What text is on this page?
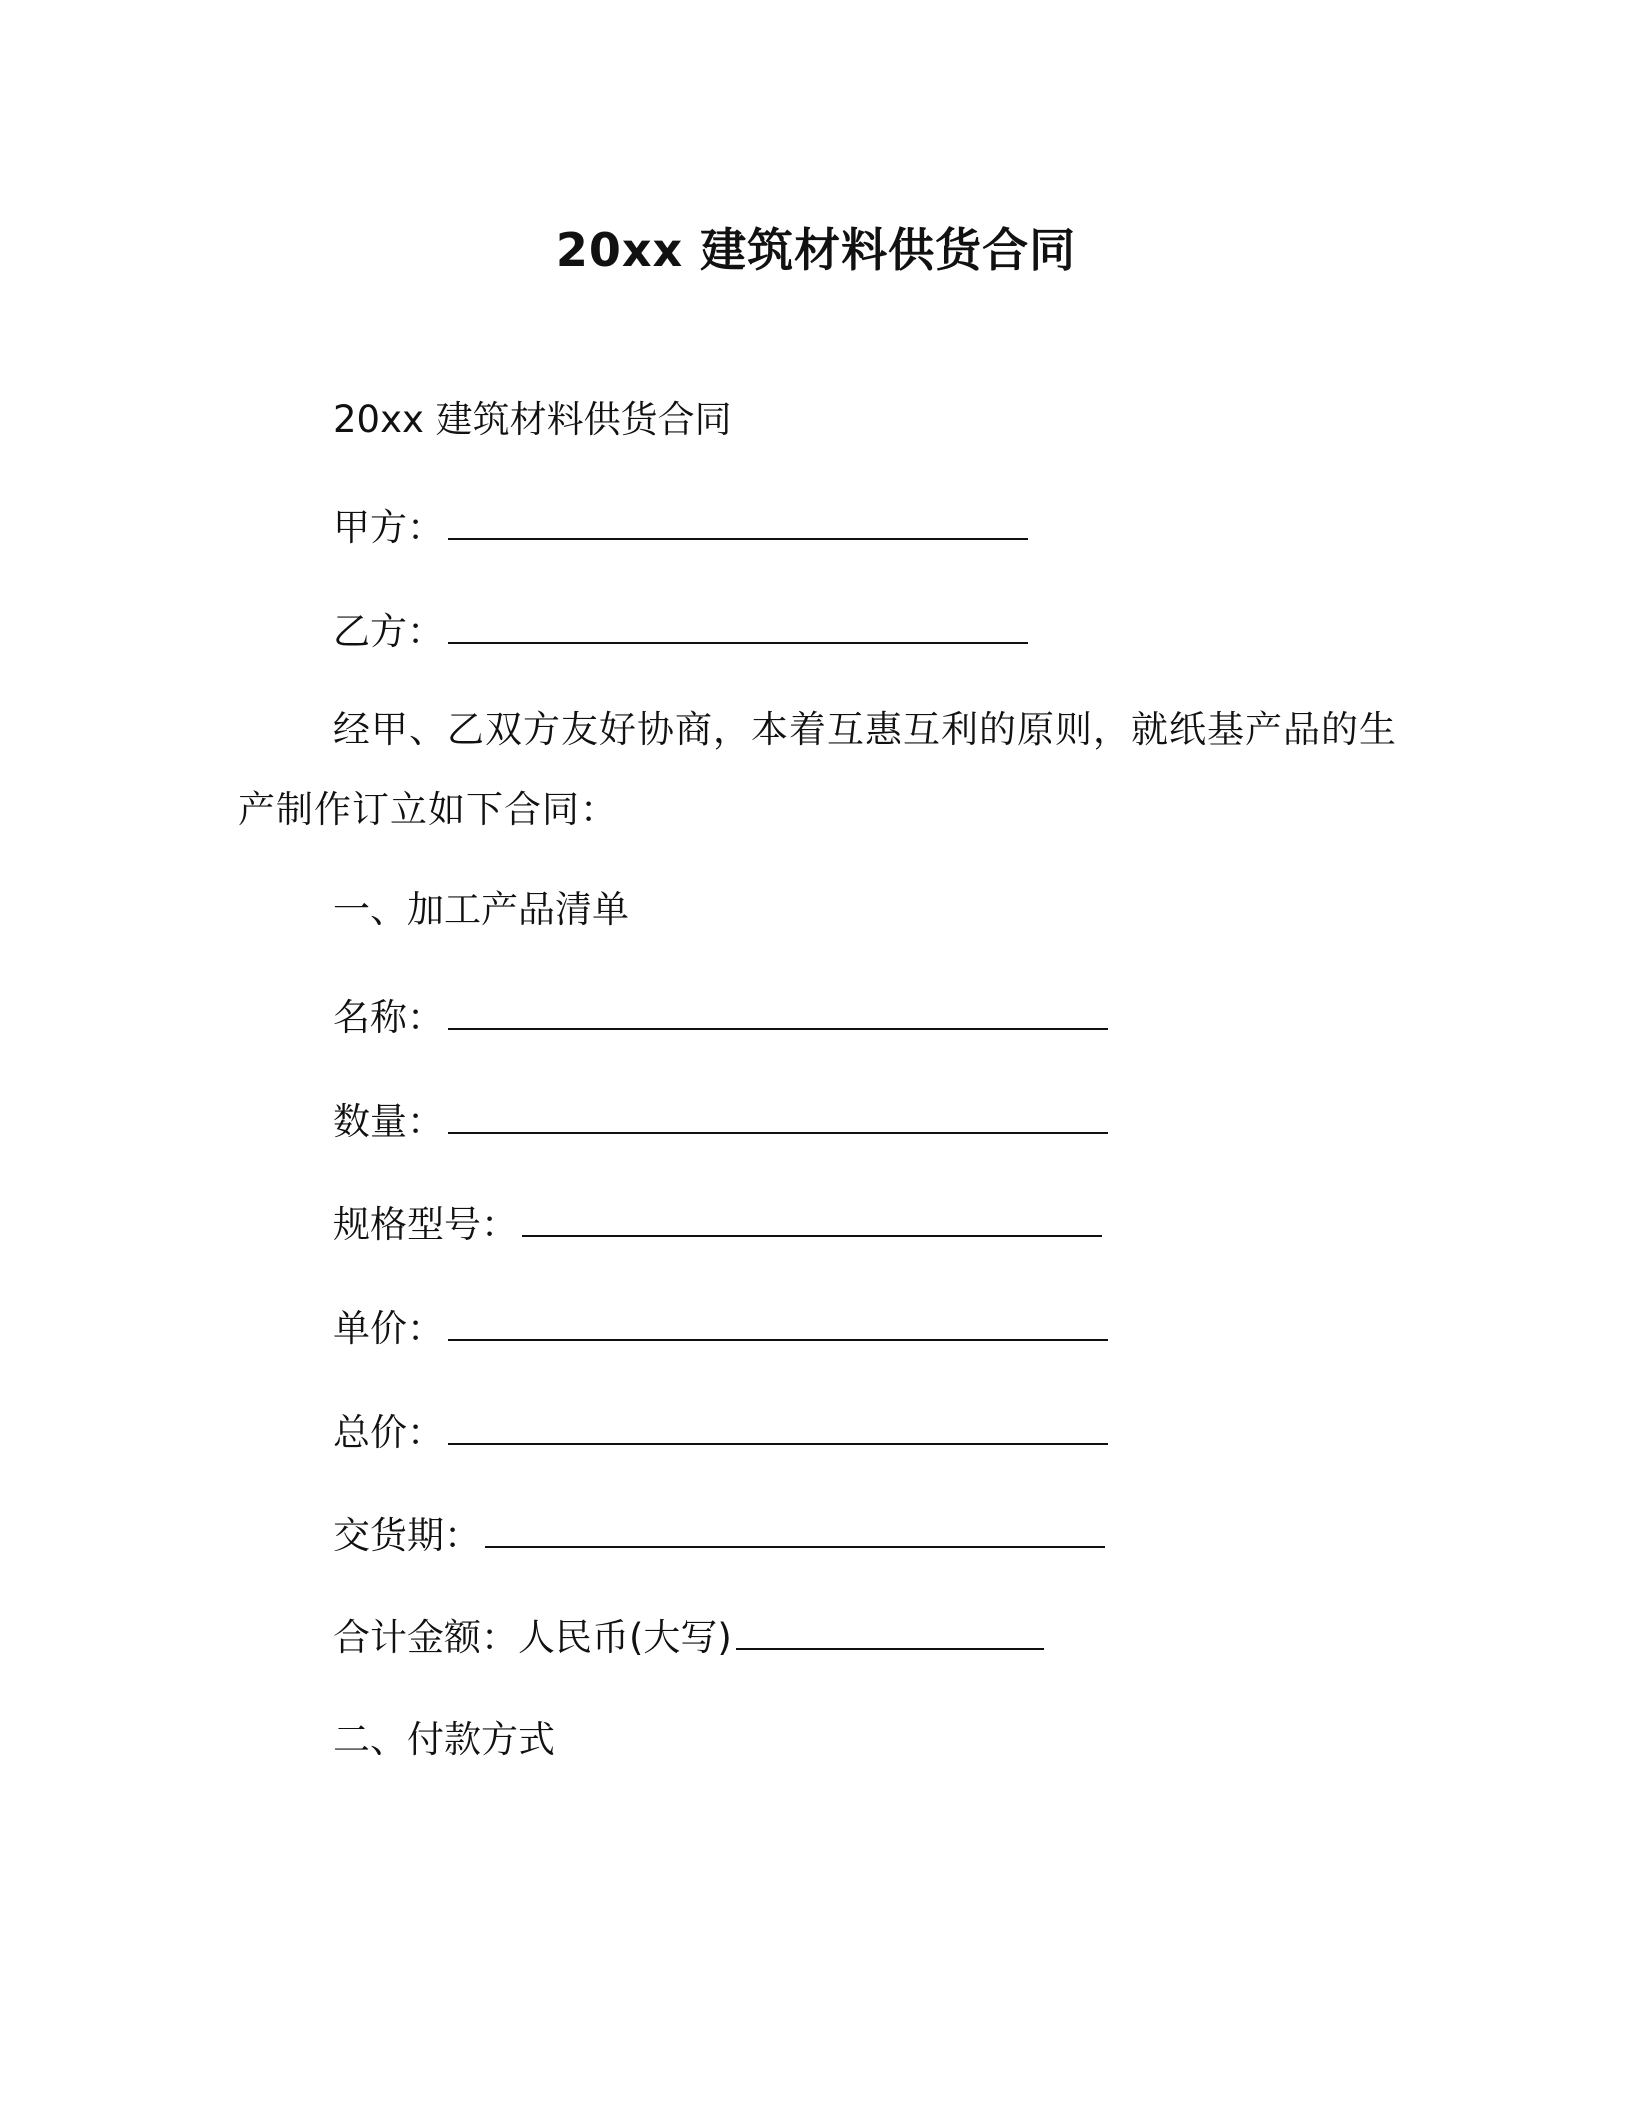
20xx 建筑材料供货合同
20xx 建筑材料供货合同
甲方：
乙方：
经甲、乙双方友好协商，本着互惠互利的原则，就纸基产品的生产制作订立如下合同：
一、加工产品清单
名称：
数量：
规格型号：
单价：
总价：
交货期：
合计金额：人民币(大写)
二、付款方式
